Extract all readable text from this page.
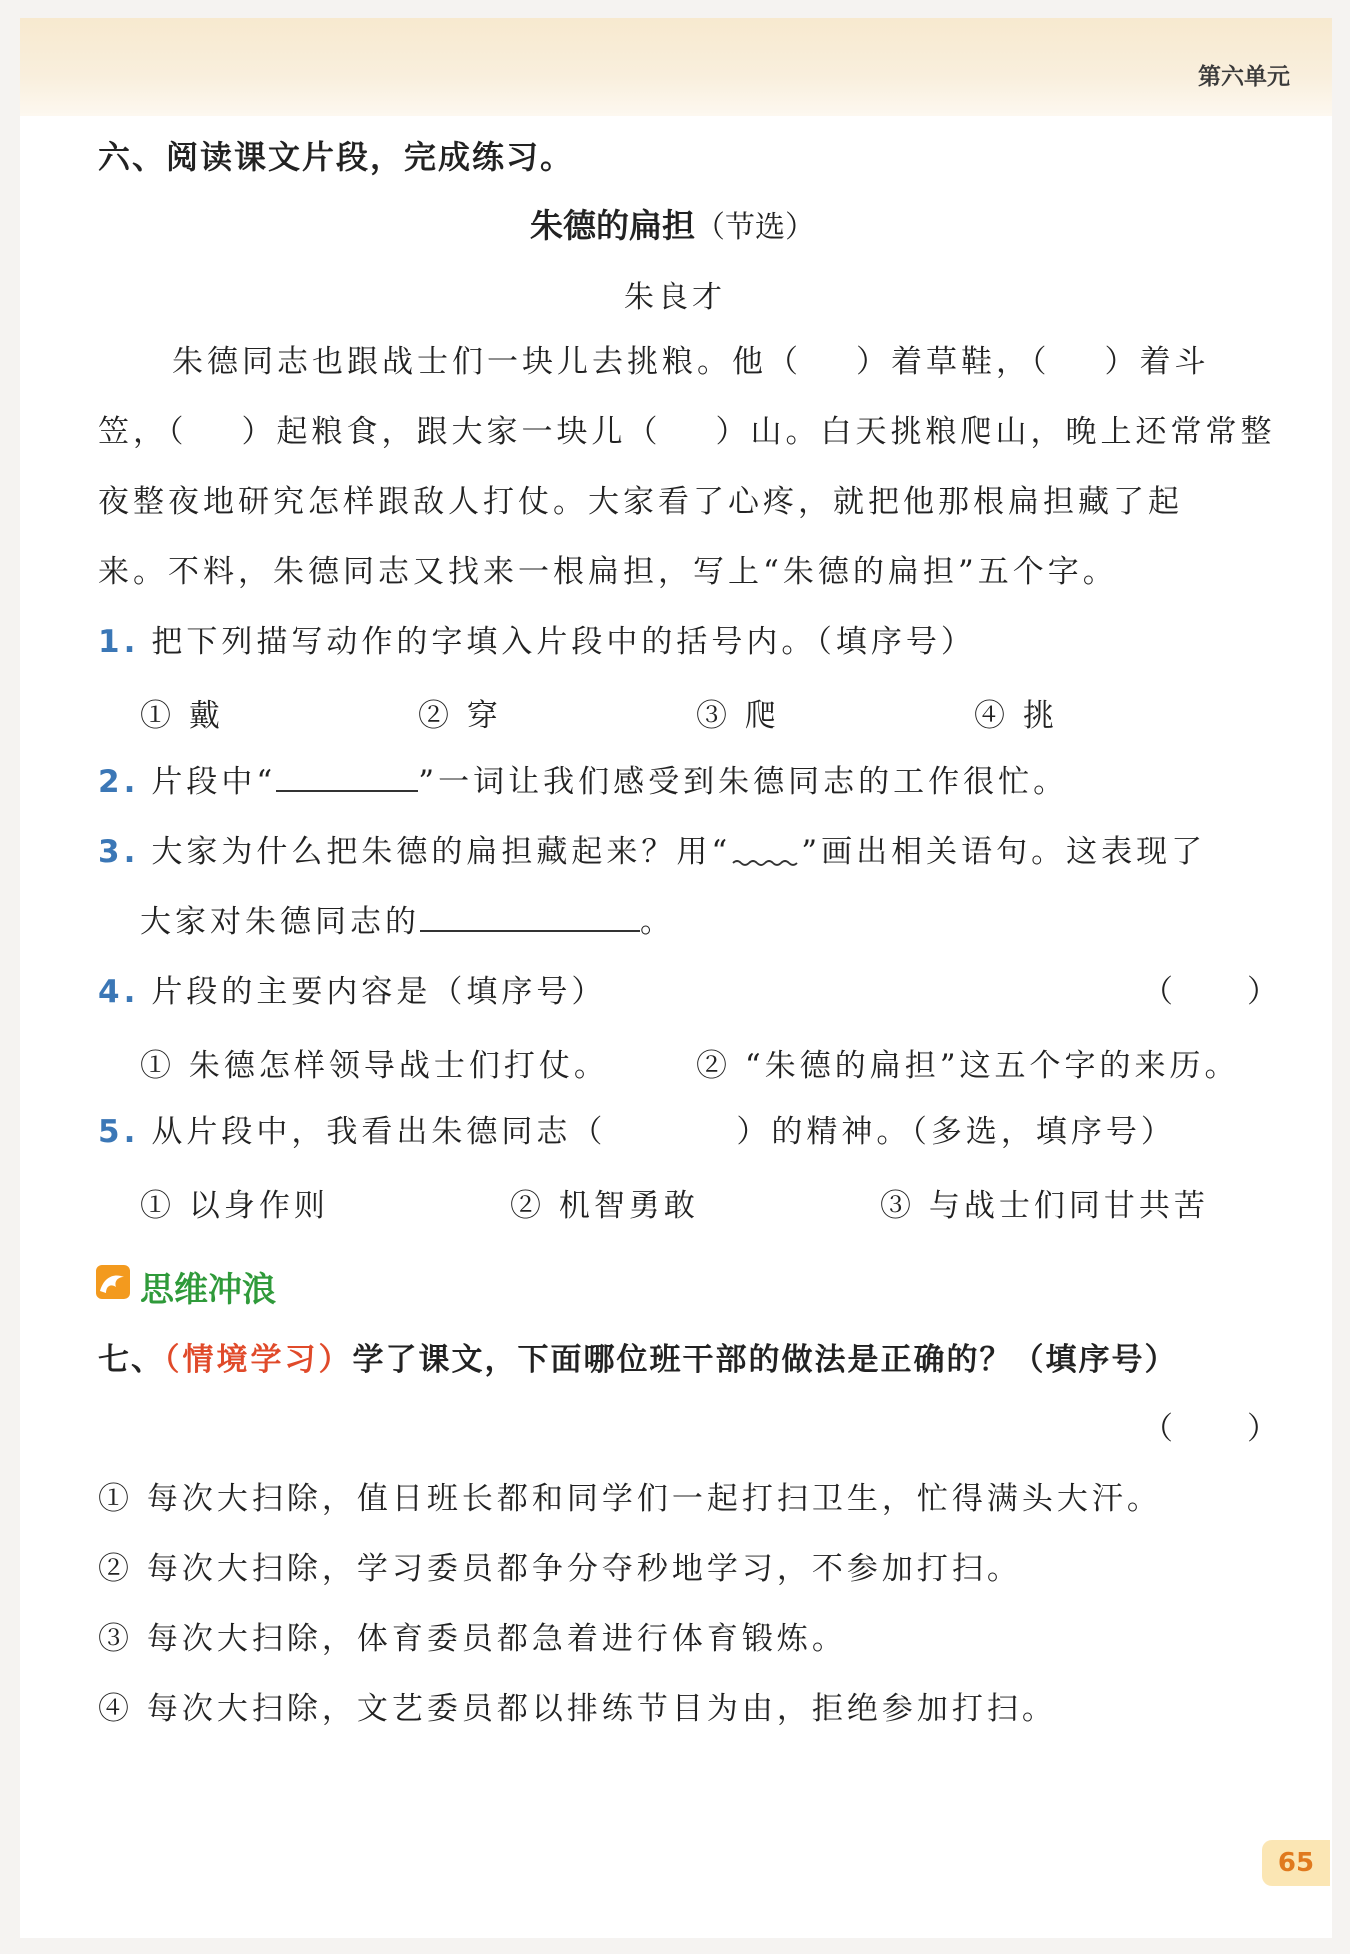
第六单元
六、阅读课文片段，完成练习。
朱德的扁担（节选）
朱良才
朱德同志也跟战士们一块儿去挑粮。他（ ）着草鞋，（ ）着斗
笠，（ ）起粮食，跟大家一块儿（ ）山。白天挑粮爬山，晚上还常常整
夜整夜地研究怎样跟敌人打仗。大家看了心疼，就把他那根扁担藏了起
来。不料，朱德同志又找来一根扁担，写上“朱德的扁担”五个字。
1. 把下列描写动作的字填入片段中的括号内。（填序号）
① 戴	② 穿	③ 爬	④ 挑
2. 片段中“	”一词让我们感受到朱德同志的工作很忙。
3. 大家为什么把朱德的扁担藏起来？用“ ”画出相关语句。这表现了
大家对朱德同志的	。
4. 片段的主要内容是（填序号）	（　　）
① 朱德怎样领导战士们打仗。	② “朱德的扁担”这五个字的来历。
5. 从片段中，我看出朱德同志（	）的精神。（多选，填序号）
① 以身作则	② 机智勇敢	③ 与战士们同甘共苦
思维冲浪
七、（情境学习）学了课文，下面哪位班干部的做法是正确的？（填序号）
（　　）
① 每次大扫除，值日班长都和同学们一起打扫卫生，忙得满头大汗。
② 每次大扫除，学习委员都争分夺秒地学习，不参加打扫。
③ 每次大扫除，体育委员都急着进行体育锻炼。
④ 每次大扫除，文艺委员都以排练节目为由，拒绝参加打扫。
65
